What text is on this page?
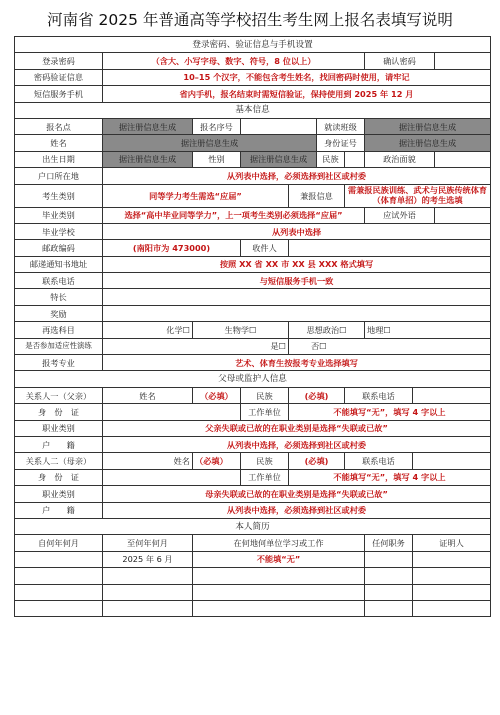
河南省 2025 年普通高等学校招生考生网上报名表填写说明
登录密码、验证信息与手机设置									
登录密码	（含大、小写字母、数字、符号，8 位以上）						确认密码		
密码验证信息	10–15 个汉字，不能包含考生姓名，找回密码时使用，请牢记								
短信服务手机	省内手机，报名结束时需短信验证，保持使用到 2025 年 12 月								
基本信息									
报名点	据注册信息生成	报名序号			就读班级		据注册信息生成		
姓名	据注册信息生成				身份证号		据注册信息生成		
出生日期	据注册信息生成	性别	据注册信息生成		民族		政治面貌		
户口所在地	从列表中选择，必须选择到社区或村委								
考生类别	同等学力考生需选“应届”			兼报信息		需兼报民族训练、武术与民族传统体育（体育单招）的考生选填			
毕业类别	选择“高中毕业同等学力”，上一项考生类别必须选择“应届”						应试外语		
毕业学校	从列表中选择								
邮政编码	(南阳市为 473000)		收件人						
邮递通知书地址	按照 XX 省 XX 市 XX 县 XXX 格式填写								
联系电话	与短信服务手机一致								
特长									
奖励									
再选科目	化学☐	生物学☐		思想政治☐			地理☐		
是否参加适应性演练	是☐			否☐					
报考专业	艺术、体育生按报考专业选择填写								
父母或监护人信息									
关系人一（父亲）	姓名	（必填）	民族	(必填)		联系电话			
身　份　证			工作单位	不能填写“无”，填写 4 字以上					
职业类别	父亲失联或已故的在职业类别是选择“失联或已故”								
户　　籍	从列表中选择，必须选择到社区或村委								
关系人二（母亲）	姓名	（必填）	民族	(必填)		联系电话			
身　份　证			工作单位	不能填写“无”，填写 4 字以上					
职业类别	母亲失联或已故的在职业类别是选择“失联或已故”								
户　　籍	从列表中选择，必须选择到社区或村委								
本人简历									
自何年何月	至何年何月	在何地何单位学习或工作					任何职务	证明人	
	2025 年 6 月	不能填“无”							
